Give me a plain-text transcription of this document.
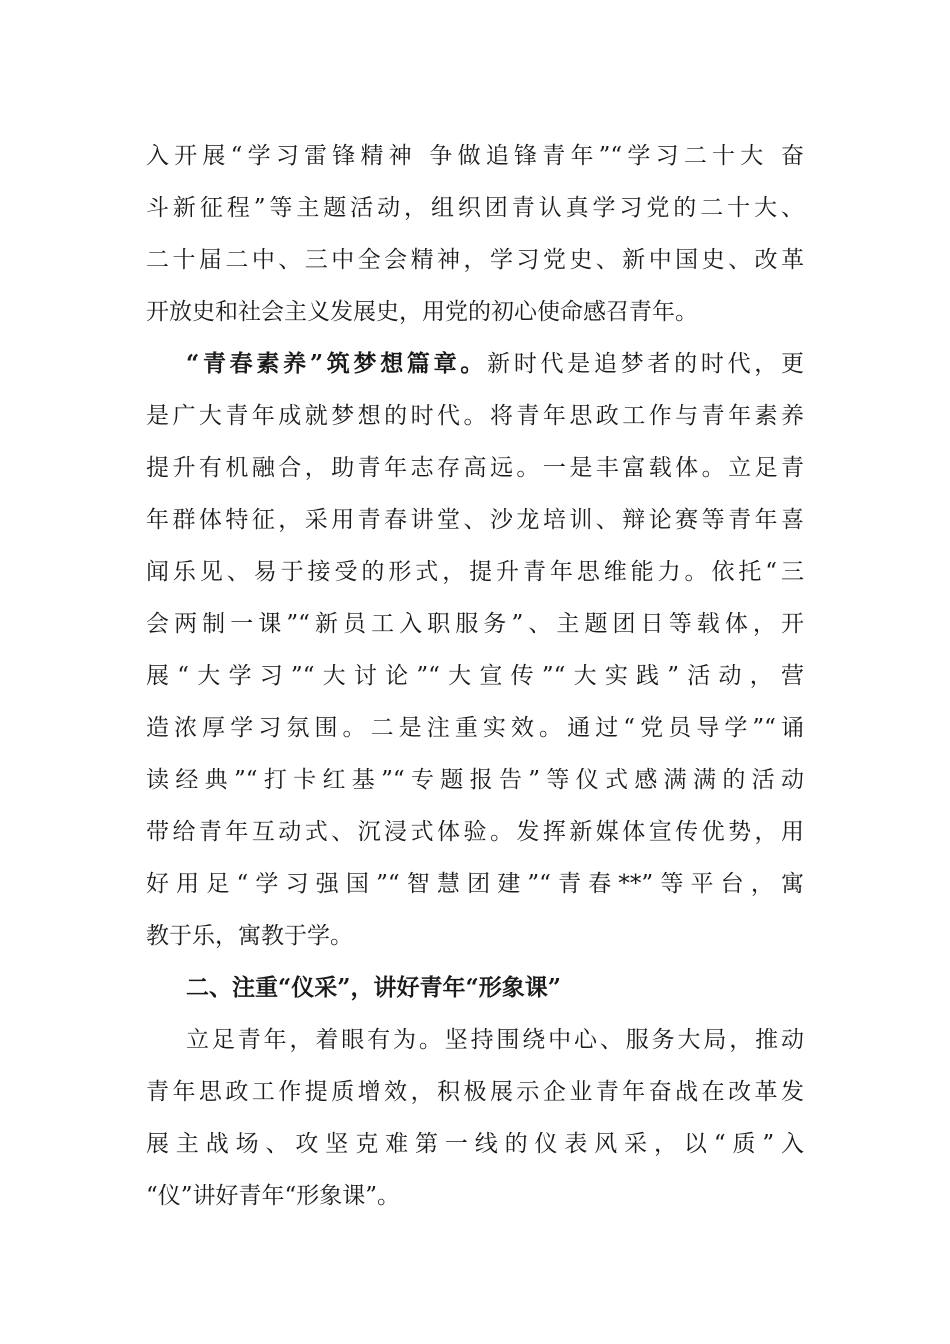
入开展“学习雷锋精神 争做追锋青年”“学习二十大 奋
斗新征程”等主题活动，组织团青认真学习党的二十大、
二十届二中、三中全会精神，学习党史、新中国史、改革
开放史和社会主义发展史，用党的初心使命感召青年。
“青春素养”筑梦想篇章。新时代是追梦者的时代，更
是广大青年成就梦想的时代。将青年思政工作与青年素养
提升有机融合，助青年志存高远。一是丰富载体。立足青
年群体特征，采用青春讲堂、沙龙培训、辩论赛等青年喜
闻乐见、易于接受的形式，提升青年思维能力。依托“三
会两制一课”“新员工入职服务”、主题团日等载体，开
展“大学习”“大讨论”“大宣传”“大实践”活动，营
造浓厚学习氛围。二是注重实效。通过“党员导学”“诵
读经典”“打卡红基”“专题报告”等仪式感满满的活动
带给青年互动式、沉浸式体验。发挥新媒体宣传优势，用
好用足“学习强国”“智慧团建”“青春**”等平台，寓
教于乐，寓教于学。
二、注重“仪采”，讲好青年“形象课”
立足青年，着眼有为。坚持围绕中心、服务大局，推动
青年思政工作提质增效，积极展示企业青年奋战在改革发
展主战场、攻坚克难第一线的仪表风采，以“质”入
“仪”讲好青年“形象课”。
